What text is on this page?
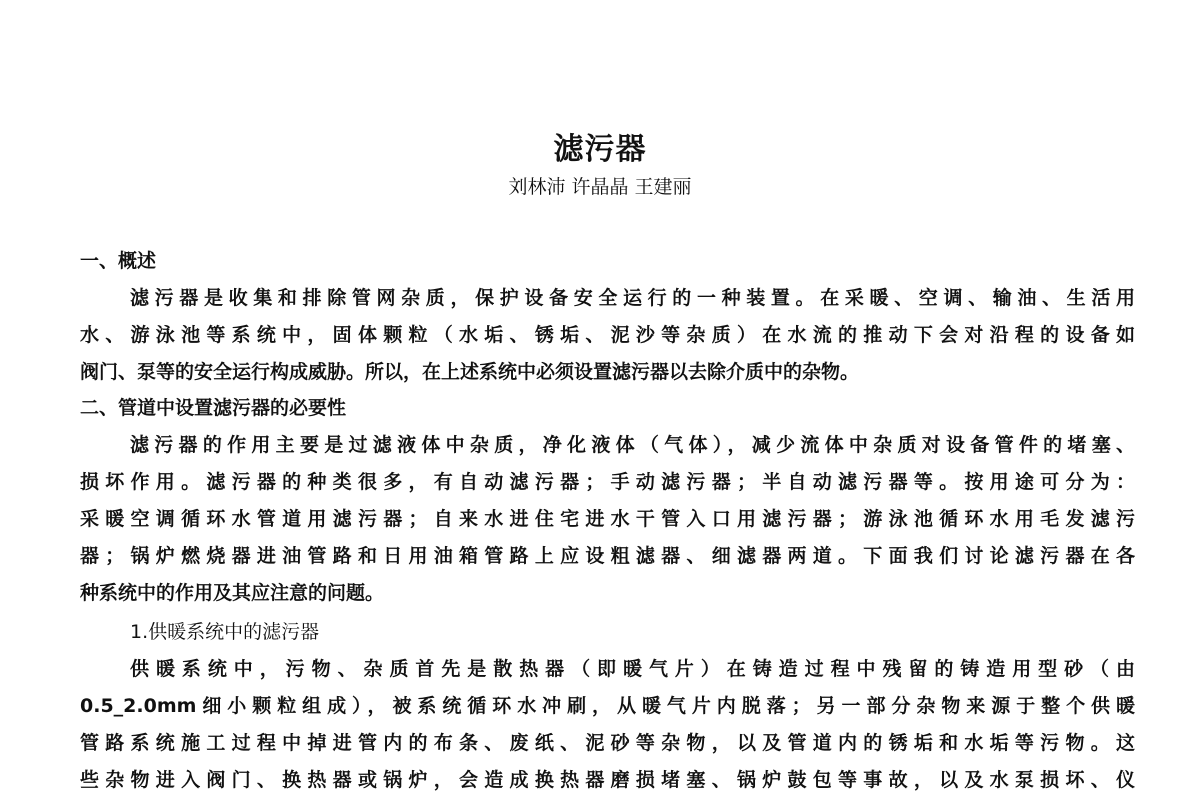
滤污器
刘林沛 许晶晶 王建丽
一、概述
滤污器是收集和排除管网杂质，保护设备安全运行的一种装置。在采暖、空调、输油、生活用
水、游泳池等系统中，固体颗粒（水垢、锈垢、泥沙等杂质）在水流的推动下会对沿程的设备如
阀门、泵等的安全运行构成威胁。所以，在上述系统中必须设置滤污器以去除介质中的杂物。
二、管道中设置滤污器的必要性
滤污器的作用主要是过滤液体中杂质，净化液体（气体），减少流体中杂质对设备管件的堵塞、
损坏作用。滤污器的种类很多，有自动滤污器；手动滤污器；半自动滤污器等。按用途可分为：
采暖空调循环水管道用滤污器；自来水进住宅进水干管入口用滤污器；游泳池循环水用毛发滤污
器；锅炉燃烧器进油管路和日用油箱管路上应设粗滤器、细滤器两道。下面我们讨论滤污器在各
种系统中的作用及其应注意的问题。
1.供暖系统中的滤污器
供暖系统中，污物、杂质首先是散热器（即暖气片）在铸造过程中残留的铸造用型砂（由
0.5_2.0mm细小颗粒组成），被系统循环水冲刷，从暖气片内脱落；另一部分杂物来源于整个供暖
管路系统施工过程中掉进管内的布条、废纸、泥砂等杂物，以及管道内的锈垢和水垢等污物。这
些杂物进入阀门、换热器或锅炉，会造成换热器磨损堵塞、锅炉鼓包等事故，以及水泵损坏、仪
